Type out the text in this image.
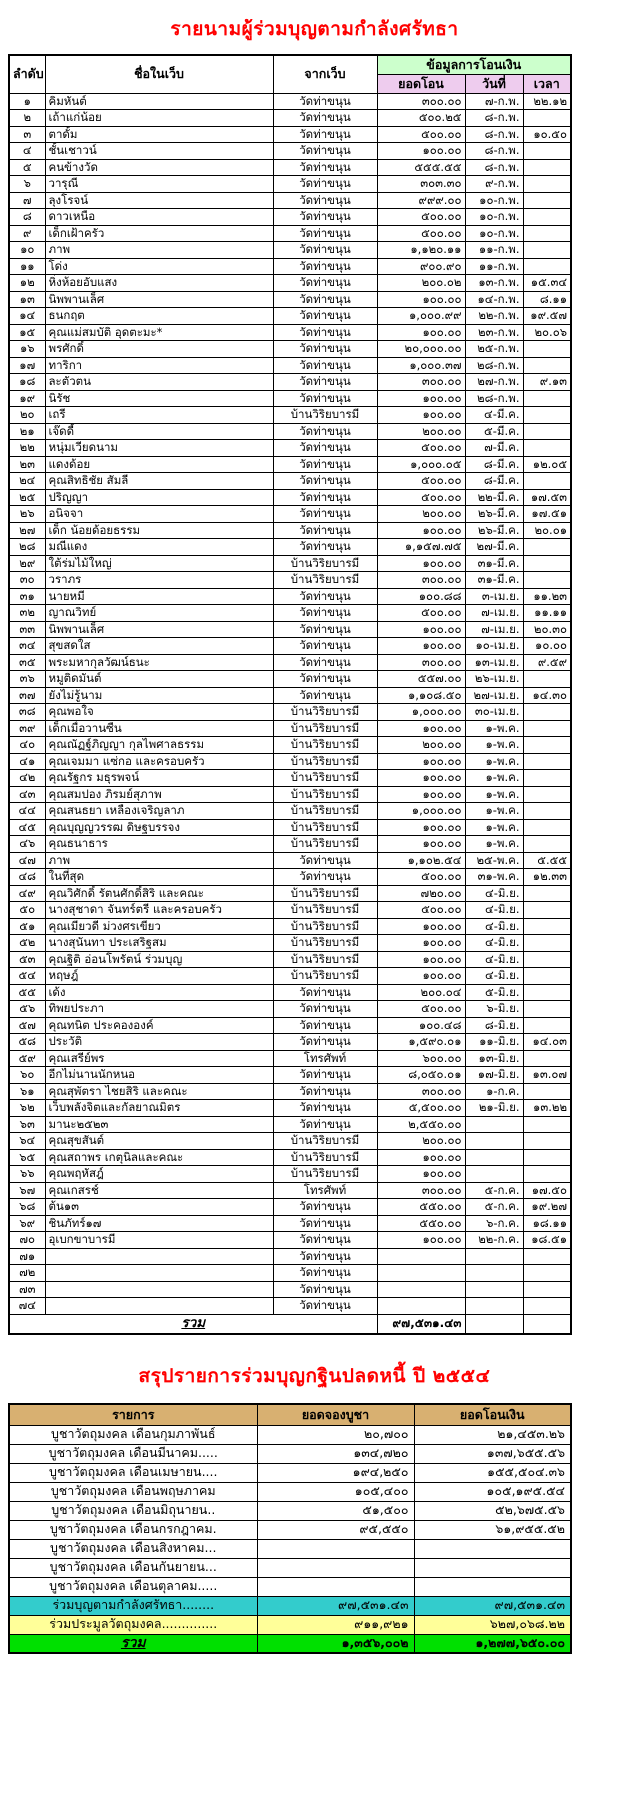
รายนามผู้ร่วมบุญตามกำลังศรัทธา
ลำดับ	ชื่อในเว็บ	จากเว็บ	ข้อมูลการโอนเงิน		
			ยอดโอน	วันที่	เวลา
๑	คิมหันต์	วัดท่าขนุน	๓๐๐.๐๐	๗-ก.พ.	๒๒.๑๒
๒	เถ้าแก่น้อย	วัดท่าขนุน	๕๐๐.๒๕	๘-ก.พ.	
๓	ตาดั้ม	วัดท่าขนุน	๕๐๐.๐๐	๘-ก.พ.	๑๐.๕๐
๔	ชั้นเชาวน์	วัดท่าขนุน	๑๐๐.๐๐	๘-ก.พ.	
๕	คนข้างวัด	วัดท่าขนุน	๕๕๕.๕๕	๘-ก.พ.	
๖	วารุณี	วัดท่าขนุน	๓๐๓.๓๐	๙-ก.พ.	
๗	ลุงโรจน์	วัดท่าขนุน	๙๙๙.๐๐	๑๐-ก.พ.	
๘	ดาวเหนือ	วัดท่าขนุน	๕๐๐.๐๐	๑๐-ก.พ.	
๙	เด็กเฝ้าครัว	วัดท่าขนุน	๕๐๐.๐๐	๑๐-ก.พ.	
๑๐	ภาพ	วัดท่าขนุน	๑,๑๒๐.๑๑	๑๑-ก.พ.	
๑๑	โด่ง	วัดท่าขนุน	๙๐๐.๙๐	๑๑-ก.พ.	
๑๒	หิ่งห้อยอับแสง	วัดท่าขนุน	๒๐๐.๐๒	๑๓-ก.พ.	๑๕.๓๔
๑๓	นิพพานเล็ศ	วัดท่าขนุน	๑๐๐.๐๐	๑๔-ก.พ.	๘.๑๑
๑๔	ธนกฤต	วัดท่าขนุน	๑,๐๐๐.๙๙	๒๒-ก.พ.	๑๙.๕๗
๑๕	คุณแม่สมบัติ อุดตะมะ*	วัดท่าขนุน	๑๐๐.๐๐	๒๓-ก.พ.	๒๐.๐๖
๑๖	พรศักดิ์	วัดท่าขนุน	๒๐,๐๐๐.๐๐	๒๕-ก.พ.	
๑๗	ทาริกา	วัดท่าขนุน	๑,๐๐๐.๓๗	๒๘-ก.พ.	
๑๘	ละตัวตน	วัดท่าขนุน	๓๐๐.๐๐	๒๗-ก.พ.	๙.๑๓
๑๙	นิรัช	วัดท่าขนุน	๑๐๐.๐๐	๒๘-ก.พ.	
๒๐	เถรี	บ้านวิริยบารมี	๑๐๐.๐๐	๔-มี.ค.	
๒๑	เจ๊ดดี้	วัดท่าขนุน	๒๐๐.๐๐	๕-มี.ค.	
๒๒	หนุ่มเวียดนาม	วัดท่าขนุน	๕๐๐.๐๐	๗-มี.ค.	
๒๓	แดงด้อย	วัดท่าขนุน	๑,๐๐๐.๐๕	๘-มี.ค.	๑๒.๐๕
๒๔	คุณสิทธิชัย สัมลี	วัดท่าขนุน	๕๐๐.๐๐	๘-มี.ค.	
๒๕	ปริญญา	วัดท่าขนุน	๕๐๐.๐๐	๒๒-มี.ค.	๑๗.๕๓
๒๖	อนิจจา	วัดท่าขนุน	๒๐๐.๐๐	๒๖-มี.ค.	๑๗.๕๑
๒๗	เด็ก น้อยด้อยธรรม	วัดท่าขนุน	๑๐๐.๐๐	๒๖-มี.ค.	๒๐.๐๑
๒๘	มณีแดง	วัดท่าขนุน	๑,๑๕๗.๗๕	๒๗-มี.ค.	
๒๙	ใต้ร่มไม้ใหญ่	บ้านวิริยบารมี	๑๐๐.๐๐	๓๑-มี.ค.	
๓๐	วราภร	บ้านวิริยบารมี	๓๐๐.๐๐	๓๑-มี.ค.	
๓๑	นายหมี	วัดท่าขนุน	๑๐๐.๘๘	๓-เม.ย.	๑๑.๒๓
๓๒	ญาณวิทย์	วัดท่าขนุน	๕๐๐.๐๐	๗-เม.ย.	๑๑.๑๑
๓๓	นิพพานเล็ศ	วัดท่าขนุน	๑๐๐.๐๐	๗-เม.ย.	๒๐.๓๐
๓๔	สุขสดใส	วัดท่าขนุน	๑๐๐.๐๐	๑๐-เม.ย.	๑๐.๐๐
๓๕	พระมหากุลวัฒน์ธนะ	วัดท่าขนุน	๓๐๐.๐๐	๑๓-เม.ย.	๙.๕๙
๓๖	หมูติดมันต์	วัดท่าขนุน	๕๕๗.๐๐	๒๖-เม.ย.	
๓๗	ยังไม่รู้นาม	วัดท่าขนุน	๑,๑๐๘.๕๐	๒๗-เม.ย.	๑๔.๓๐
๓๘	คุณพอใจ	บ้านวิริยบารมี	๑,๐๐๐.๐๐	๓๐-เม.ย.	
๓๙	เด็กเมื่อวานซืน	บ้านวิริยบารมี	๑๐๐.๐๐	๑-พ.ค.	
๔๐	คุณณัฏฐ์ภิญญา กุลไพศาลธรรม	บ้านวิริยบารมี	๒๐๐.๐๐	๑-พ.ค.	
๔๑	คุณเจมมา แซ่กอ และครอบครัว	บ้านวิริยบารมี	๑๐๐.๐๐	๑-พ.ค.	
๔๒	คุณรัฐกร มธุรพจน์	บ้านวิริยบารมี	๑๐๐.๐๐	๑-พ.ค.	
๔๓	คุณสมปอง ภิรมย์สุภาพ	บ้านวิริยบารมี	๑๐๐.๐๐	๑-พ.ค.	
๔๔	คุณสนธยา เหลืองเจริญลาภ	บ้านวิริยบารมี	๑,๐๐๐.๐๐	๑-พ.ค.	
๔๕	คุณบุญญวรรฒ ดิษฐบรรจง	บ้านวิริยบารมี	๑๐๐.๐๐	๑-พ.ค.	
๔๖	คุณธนาธาร	บ้านวิริยบารมี	๑๐๐.๐๐	๑-พ.ค.	
๔๗	ภาพ	วัดท่าขนุน	๑,๑๐๒.๕๔	๒๕-พ.ค.	๕.๕๕
๔๘	ในที่สุด	วัดท่าขนุน	๕๐๐.๐๐	๓๑-พ.ค.	๑๒.๓๓
๔๙	คุณวิศักดิ์ รัตนศักดิ์สิริ และคณะ	บ้านวิริยบารมี	๗๒๐.๐๐	๔-มิ.ย.	
๕๐	นางสุชาดา จันทร์ตรี และครอบครัว	บ้านวิริยบารมี	๕๐๐.๐๐	๔-มิ.ย.	
๕๑	คุณเมียวดี ม่วงศรเขียว	บ้านวิริยบารมี	๑๐๐.๐๐	๔-มิ.ย.	
๕๒	นางสุนันทา ประเสริฐสม	บ้านวิริยบารมี	๑๐๐.๐๐	๔-มิ.ย.	
๕๓	คุณฐิติ อ่อนโพรัตน์ ร่วมบุญ	บ้านวิริยบารมี	๑๐๐.๐๐	๔-มิ.ย.	
๕๔	หฤษฎ์	บ้านวิริยบารมี	๑๐๐.๐๐	๔-มิ.ย.	
๕๕	เด้ง	วัดท่าขนุน	๒๐๐.๐๔	๕-มิ.ย.	
๕๖	ทิพยประภา	วัดท่าขนุน	๕๐๐.๐๐	๖-มิ.ย.	
๕๗	คุณทนิต ประคององค์	วัดท่าขนุน	๑๐๐.๔๘	๘-มิ.ย.	
๕๘	ประวัติ	วัดท่าขนุน	๑,๕๙๐.๐๑	๑๑-มิ.ย.	๑๔.๐๓
๕๙	คุณเสรีย์พร	โทรศัพท์	๖๐๐.๐๐	๑๓-มิ.ย.	
๖๐	อีกไม่นานนักหนอ	วัดท่าขนุน	๘,๐๕๐.๐๑	๑๗-มิ.ย.	๑๓.๐๗
๖๑	คุณสุพัตรา ไชยสิริ และคณะ	วัดท่าขนุน	๓๐๐.๐๐	๑-ก.ค.	
๖๒	เว็บพลังจิตและกัลยาณมิตร	วัดท่าขนุน	๕,๕๐๐.๐๐	๒๑-มิ.ย.	๑๓.๒๒
๖๓	มานะ๒๕๒๓	วัดท่าขนุน	๒,๕๕๐.๐๐		
๖๔	คุณสุขสันต์	บ้านวิริยบารมี	๒๐๐.๐๐		
๖๕	คุณสถาพร เกตุนิลและคณะ	บ้านวิริยบารมี	๑๐๐.๐๐		
๖๖	คุณพฤหัสฎ์	บ้านวิริยบารมี	๑๐๐.๐๐		
๖๗	คุณเกสรช์	โทรศัพท์	๓๐๐.๐๐	๕-ก.ค.	๑๗.๕๐
๖๘	ต้น๑๓	วัดท่าขนุน	๕๕๐.๐๐	๕-ก.ค.	๑๙.๒๗
๖๙	ชินภัทร์๑๗	วัดท่าขนุน	๕๕๐.๐๐	๖-ก.ค.	๑๘.๑๑
๗๐	อุเบกขาบารมี	วัดท่าขนุน	๑๐๐.๐๐	๒๒-ก.ค.	๑๘.๕๑
๗๑		วัดท่าขนุน			
๗๒		วัดท่าขนุน			
๗๓		วัดท่าขนุน			
๗๔		วัดท่าขนุน			
รวม			๙๗,๕๓๑.๔๓		
สรุปรายการร่วมบุญกฐินปลดหนี้ ปี ๒๕๕๔
รายการ	ยอดจองบูชา	ยอดโอนเงิน
บูชาวัตถุมงคล เดือนกุมภาพันธ์	๒๐,๗๐๐	๒๑,๔๕๓.๒๖
บูชาวัตถุมงคล เดือนมีนาคม.....	๑๓๔,๗๒๐	๑๓๗,๖๕๕.๕๖
บูชาวัตถุมงคล เดือนเมษายน....	๑๙๔,๒๕๐	๑๕๕,๕๐๔.๓๖
บูชาวัตถุมงคล เดือนพฤษภาคม	๑๐๕,๔๐๐	๑๐๕,๑๙๕.๕๔
บูชาวัตถุมงคล เดือนมิถุนายน..	๕๑,๕๐๐	๕๒,๖๗๕.๕๖
บูชาวัตถุมงคล เดือนกรกฎาคม.	๙๕,๕๕๐	๖๑,๙๕๕.๕๒
บูชาวัตถุมงคล เดือนสิงหาคม...		
บูชาวัตถุมงคล เดือนกันยายน...		
บูชาวัตถุมงคล เดือนตุลาคม.....		
ร่วมบุญตามกำลังศรัทธา........	๙๗,๕๓๑.๔๓	๙๗,๕๓๑.๔๓
ร่วมประมูลวัตถุมงคล..............	๙๑๑,๙๒๑	๖๒๗,๐๖๘.๒๒
รวม	๑,๓๕๖,๐๐๒	๑,๒๗๗,๖๕๐.๐๐
